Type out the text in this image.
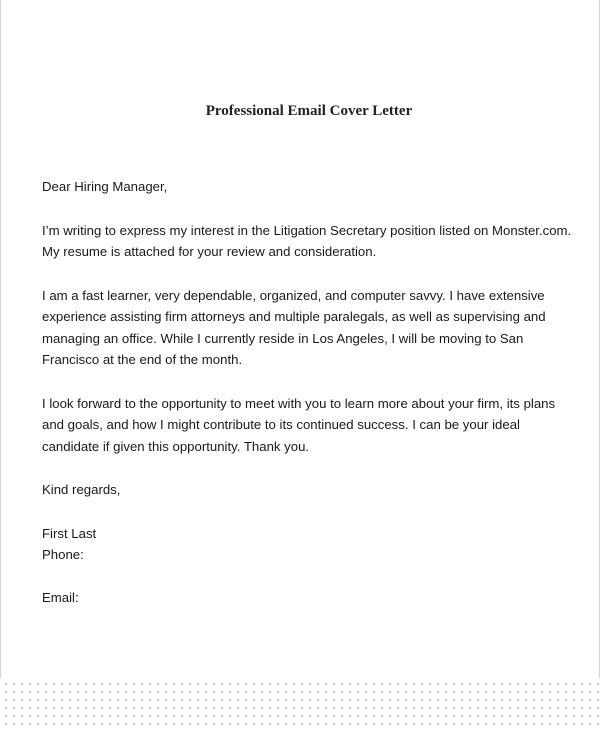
Professional Email Cover Letter

Dear Hiring Manager,

I’m writing to express my interest in the Litigation Secretary position listed on Monster.com.
My resume is attached for your review and consideration.

I am a fast learner, very dependable, organized, and computer savvy. I have extensive
experience assisting firm attorneys and multiple paralegals, as well as supervising and
managing an office. While I currently reside in Los Angeles, I will be moving to San
Francisco at the end of the month.

I look forward to the opportunity to meet with you to learn more about your firm, its plans
and goals, and how I might contribute to its continued success. I can be your ideal
candidate if given this opportunity. Thank you.

Kind regards,

First Last

Phone:

Email:
